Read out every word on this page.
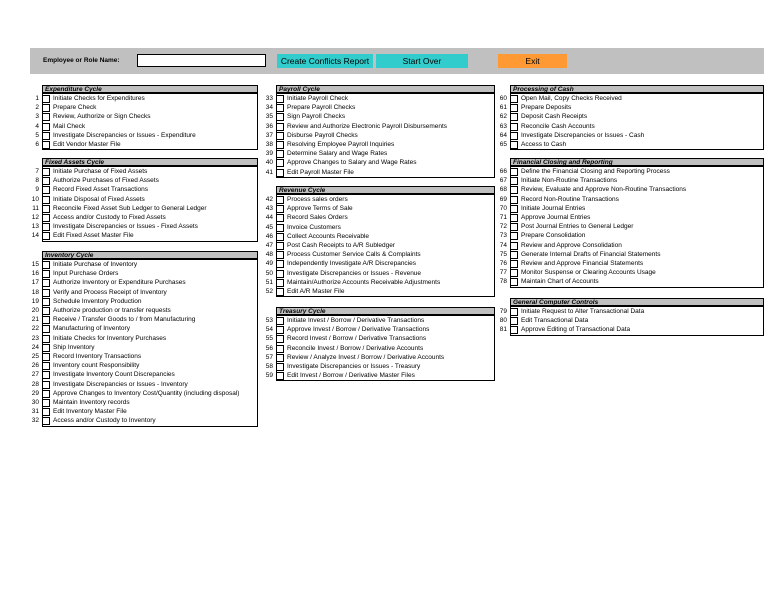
Employee or Role Name:	Create Conflicts Report	Start Over	Exit
Expenditure Cycle
1 Initiate Checks for Expenditures
2 Prepare Check
3 Review, Authorize or Sign Checks
4 Mail Check
5 Investigate Discrepancies or Issues - Expenditure
6 Edit Vendor Master File
Fixed Assets Cycle
7 Initiate Purchase of Fixed Assets
8 Authorize Purchases of Fixed Assets
9 Record Fixed Asset Transactions
10 Initiate Disposal of Fixed Assets
11 Reconcile Fixed Asset Sub Ledger to General Ledger
12 Access and/or Custody to Fixed Assets
13 Investigate Discrepancies or Issues - Fixed Assets
14 Edit Fixed Asset Master File
Inventory Cycle
15 Initiate Purchase of Inventory
16 Input Purchase Orders
17 Authorize Inventory or Expenditure Purchases
18 Verify and Process Receipt of Inventory
19 Schedule Inventory Production
20 Authorize production or transfer requests
21 Receive / Transfer Goods to / from Manufacturing
22 Manufacturing of Inventory
23 Initiate Checks for Inventory Purchases
24 Ship Inventory
25 Record Inventory Transactions
26 Inventory count Responsibility
27 Investigate Inventory Count Discrepancies
28 Investigate Discrepancies or Issues - Inventory
29 Approve Changes to Inventory Cost/Quantity (including disposal)
30 Maintain Inventory records
31 Edit Inventory Master File
32 Access and/or Custody to Inventory
Payroll Cycle
33 Initiate Payroll Check
34 Prepare Payroll Checks
35 Sign Payroll Checks
36 Review and Authorize Electronic Payroll Disbursements
37 Disburse Payroll Checks
38 Resolving Employee Payroll Inquiries
39 Determine Salary and Wage Rates
40 Approve Changes to Salary and Wage Rates
41 Edit Payroll Master File
Revenue Cycle
42 Process sales orders
43 Approve Terms of Sale
44 Record Sales Orders
45 Invoice Customers
46 Collect Accounts Receivable
47 Post Cash Receipts to A/R Subledger
48 Process Customer Service Calls & Complaints
49 Independently Investigate A/R Discrepancies
50 Investigate Discrepancies or Issues - Revenue
51 Maintain/Authorize Accounts Receivable Adjustments
52 Edit A/R Master File
Treasury Cycle
53 Initiate Invest / Borrow / Derivative Transactions
54 Approve Invest / Borrow / Derivative Transactions
55 Record Invest / Borrow / Derivative Transactions
56 Reconcile Invest / Borrow / Derivative Accounts
57 Review / Analyze Invest / Borrow / Derivative Accounts
58 Investigate Discrepancies or Issues - Treasury
59 Edit Invest / Borrow / Derivative Master Files
Processing of Cash
60 Open Mail, Copy Checks Received
61 Prepare Deposits
62 Deposit Cash Receipts
63 Reconcile Cash Accounts
64 Investigate Discrepancies or Issues - Cash
65 Access to Cash
Financial Closing and Reporting
66 Define the Financial Closing and Reporting Process
67 Initiate Non-Routine Transactions
68 Review, Evaluate and Approve Non-Routine Transactions
69 Record Non-Routine Transactions
70 Initiate Journal Entries
71 Approve Journal Entries
72 Post Journal Entries to General Ledger
73 Prepare Consolidation
74 Review and Approve Consolidation
75 Generate Internal Drafts of Financial Statements
76 Review and Approve Financial Statements
77 Monitor Suspense or Clearing Accounts Usage
78 Maintain Chart of Accounts
General Computer Controls
79 Initiate Request to Alter Transactional Data
80 Edit Transactional Data
81 Approve Editing of Transactional Data
